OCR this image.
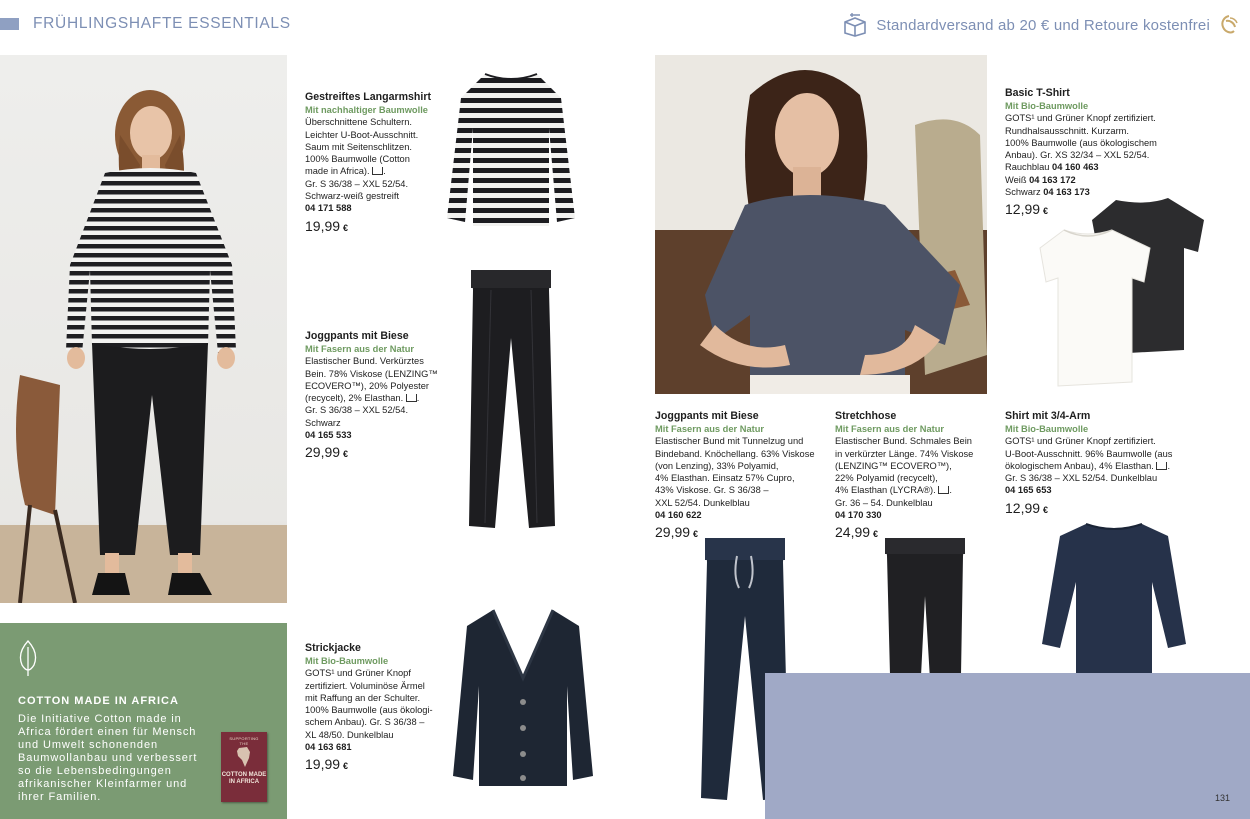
FRÜHLINGSHAFTE ESSENTIALS	Standardversand ab 20 € und Retoure kostenfrei
COTTON MADE IN AFRICA
Die Initiative Cotton made in Africa fördert einen für Mensch und Umwelt schonenden Baumwollanbau und verbessert so die Lebensbedingungen afrikanischer Kleinfarmer und ihrer Familien.
SUPPORTING THE
COTTON MADE IN AFRICA
Gestreiftes Langarmshirt
Mit nachhaltiger Baumwolle
Überschnittene Schultern.
Leichter U-Boot-Ausschnitt.
Saum mit Seitenschlitzen.
100% Baumwolle (Cotton
made in Africa). .
Gr. S 36/38 – XXL 52/54.
Schwarz-weiß gestreift
04 171 588
19,99 €
Joggpants mit Biese
Mit Fasern aus der Natur
Elastischer Bund. Verkürztes
Bein. 78% Viskose (LENZING™
ECOVERO™), 20% Polyester
(recycelt), 2% Elasthan. .
Gr. S 36/38 – XXL 52/54.
Schwarz
04 165 533
29,99 €
Strickjacke
Mit Bio-Baumwolle
GOTS¹ und Grüner Knopf
zertifiziert. Voluminöse Ärmel
mit Raffung an der Schulter.
100% Baumwolle (aus ökologi-
schem Anbau). Gr. S 36/38 –
XL 48/50. Dunkelblau
04 163 681
19,99 €
Basic T-Shirt
Mit Bio-Baumwolle
GOTS¹ und Grüner Knopf zertifiziert.
Rundhalsausschnitt. Kurzarm.
100% Baumwolle (aus ökologischem
Anbau). Gr. XS 32/34 – XXL 52/54.
Rauchblau 04 160 463
Weiß 04 163 172
Schwarz 04 163 173
12,99 €
Joggpants mit Biese
Mit Fasern aus der Natur
Elastischer Bund mit Tunnelzug und
Bindeband. Knöchellang. 63% Viskose
(von Lenzing), 33% Polyamid,
4% Elasthan. Einsatz 57% Cupro,
43% Viskose. Gr. S 36/38 –
XXL 52/54. Dunkelblau
04 160 622
29,99 €
Stretchhose
Mit Fasern aus der Natur
Elastischer Bund. Schmales Bein
in verkürzter Länge. 74% Viskose
(LENZING™ ECOVERO™),
22% Polyamid (recycelt),
4% Elasthan (LYCRA®). .
Gr. 36 – 54. Dunkelblau
04 170 330
24,99 €
Shirt mit 3/4-Arm
Mit Bio-Baumwolle
GOTS¹ und Grüner Knopf zertifiziert.
U-Boot-Ausschnitt. 96% Baumwolle (aus
ökologischem Anbau), 4% Elasthan. .
Gr. S 36/38 – XXL 52/54. Dunkelblau
04 165 653
12,99 €
131
